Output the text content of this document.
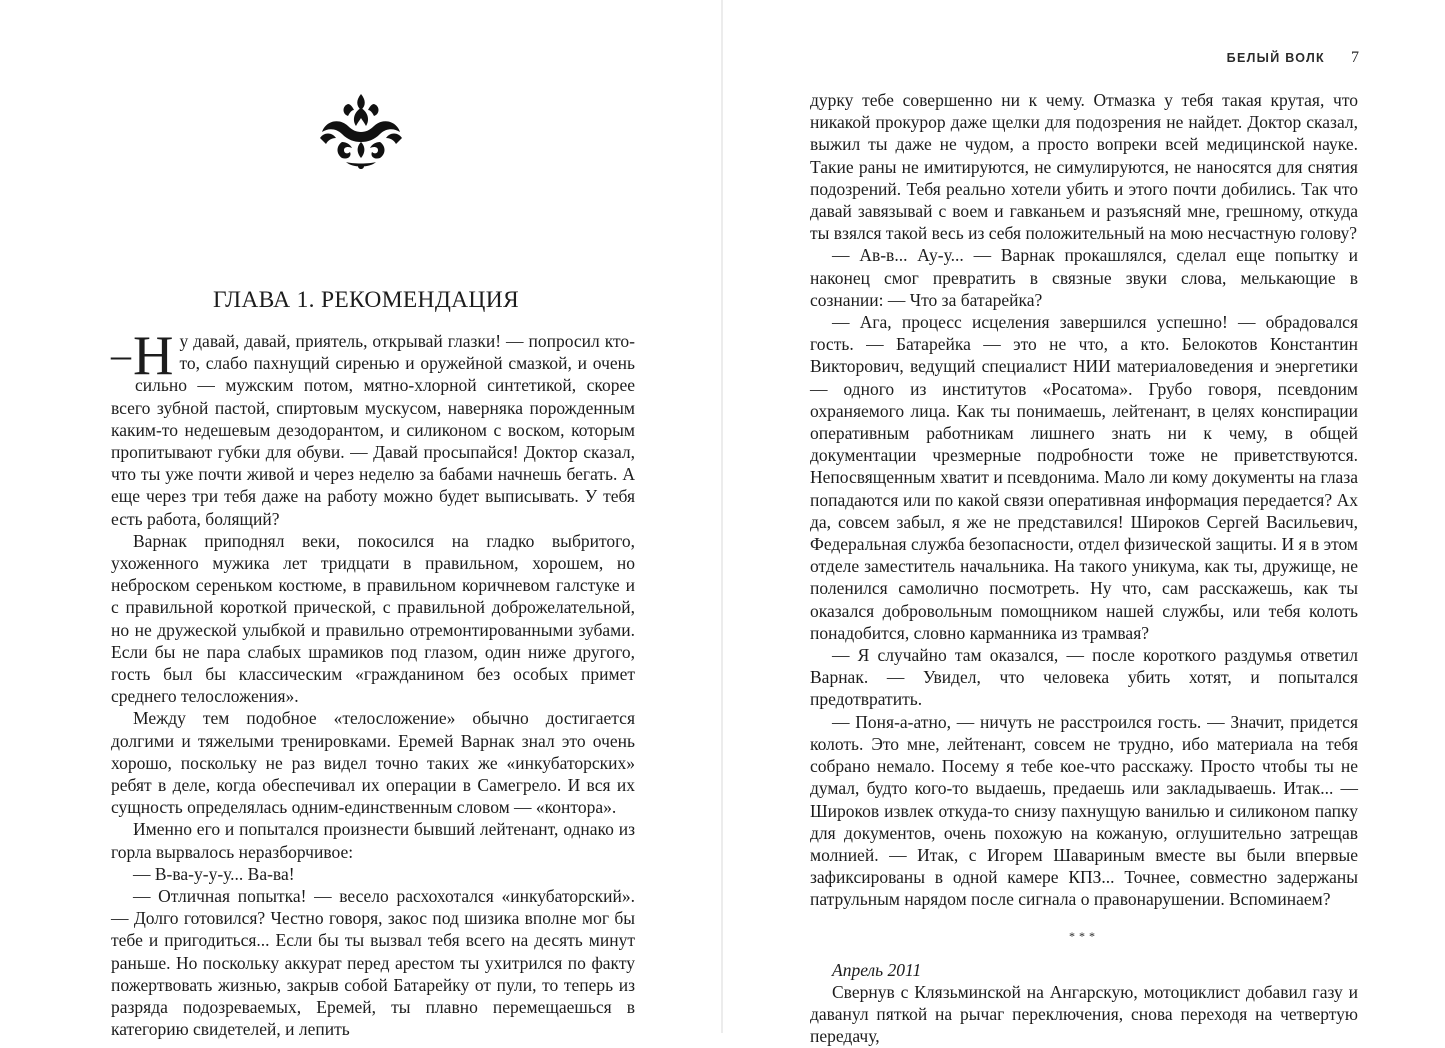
ГЛАВА 1. РЕКОМЕНДАЦИЯ

– Н у давай, давай, приятель, открывай глазки! — попросил кто-то, слабо пахнущий сиренью и оружейной смазкой, и очень сильно — мужским потом, мятно-хлорной синтетикой, скорее всего зубной пастой, спиртовым мускусом, наверняка порожденным каким-то недешевым дезодорантом, и силиконом с воском, которым пропитывают губки для обуви. — Давай просыпайся! Доктор сказал, что ты уже почти живой и через неделю за бабами начнешь бегать. А еще через три тебя даже на работу можно будет выписывать. У тебя есть работа, болящий?

Варнак приподнял веки, покосился на гладко выбритого, ухоженного мужика лет тридцати в правильном, хорошем, но неброском сереньком костюме, в правильном коричневом галстуке и с правильной короткой прической, с правильной доброжелательной, но не дружеской улыбкой и правильно отремонтированными зубами. Если бы не пара слабых шрамиков под глазом, один ниже другого, гость был бы классическим «гражданином без особых примет среднего телосложения».

Между тем подобное «телосложение» обычно достигается долгими и тяжелыми тренировками. Еремей Варнак знал это очень хорошо, поскольку не раз видел точно таких же «инкубаторских» ребят в деле, когда обеспечивал их операции в Самегрело. И вся их сущность определялась одним-единственным словом — «контора».

Именно его и попытался произнести бывший лейтенант, однако из горла вырвалось неразборчивое:

— В-ва-у-у-у... Ва-ва!

— Отличная попытка! — весело расхохотался «инкубаторский». — Долго готовился? Честно говоря, закос под шизика вполне мог бы тебе и пригодиться... Если бы ты вызвал тебя всего на десять минут раньше. Но поскольку аккурат перед арестом ты ухитрился по факту пожертвовать жизнью, закрыв собой Батарейку от пули, то теперь из разряда подозреваемых, Еремей, ты плавно перемещаешься в категорию свидетелей, и лепить

БЕЛЫЙ ВОЛК 7

дурку тебе совершенно ни к чему. Отмазка у тебя такая крутая, что никакой прокурор даже щелки для подозрения не найдет. Доктор сказал, выжил ты даже не чудом, а просто вопреки всей медицинской науке. Такие раны не имитируются, не симулируются, не наносятся для снятия подозрений. Тебя реально хотели убить и этого почти добились. Так что давай завязывай с воем и гавканьем и разъясняй мне, грешному, откуда ты взялся такой весь из себя положительный на мою несчастную голову?

— Ав-в... Ау-у... — Варнак прокашлялся, сделал еще попытку и наконец смог превратить в связные звуки слова, мелькающие в сознании: — Что за батарейка?

— Ага, процесс исцеления завершился успешно! — обрадовался гость. — Батарейка — это не что, а кто. Белокотов Константин Викторович, ведущий специалист НИИ материаловедения и энергетики — одного из институтов «Росатома». Грубо говоря, псевдоним охраняемого лица. Как ты понимаешь, лейтенант, в целях конспирации оперативным работникам лишнего знать ни к чему, в общей документации чрезмерные подробности тоже не приветствуются. Непосвященным хватит и псевдонима. Мало ли кому документы на глаза попадаются или по какой связи оперативная информация передается? Ах да, совсем забыл, я же не представился! Широков Сергей Васильевич, Федеральная служба безопасности, отдел физической защиты. И я в этом отделе заместитель начальника. На такого уникума, как ты, дружище, не поленился самолично посмотреть. Ну что, сам расскажешь, как ты оказался добровольным помощником нашей службы, или тебя колоть понадобится, словно карманника из трамвая?

— Я случайно там оказался, — после короткого раздумья ответил Варнак. — Увидел, что человека убить хотят, и попытался предотвратить.

— Поня-а-атно, — ничуть не расстроился гость. — Значит, придется колоть. Это мне, лейтенант, совсем не трудно, ибо материала на тебя собрано немало. Посему я тебе кое-что расскажу. Просто чтобы ты не думал, будто кого-то выдаешь, предаешь или закладываешь. Итак... — Широков извлек откуда-то снизу пахнущую ванилью и силиконом папку для документов, очень похожую на кожаную, оглушительно затрещав молнией. — Итак, с Игорем Шавариным вместе вы были впервые зафиксированы в одной камере КПЗ... Точнее, совместно задержаны патрульным нарядом после сигнала о правонарушении. Вспоминаем?

***

Апрель 2011

Свернув с Клязьминской на Ангарскую, мотоциклист добавил газу и даванул пяткой на рычаг переключения, снова переходя на четвертую передачу,
